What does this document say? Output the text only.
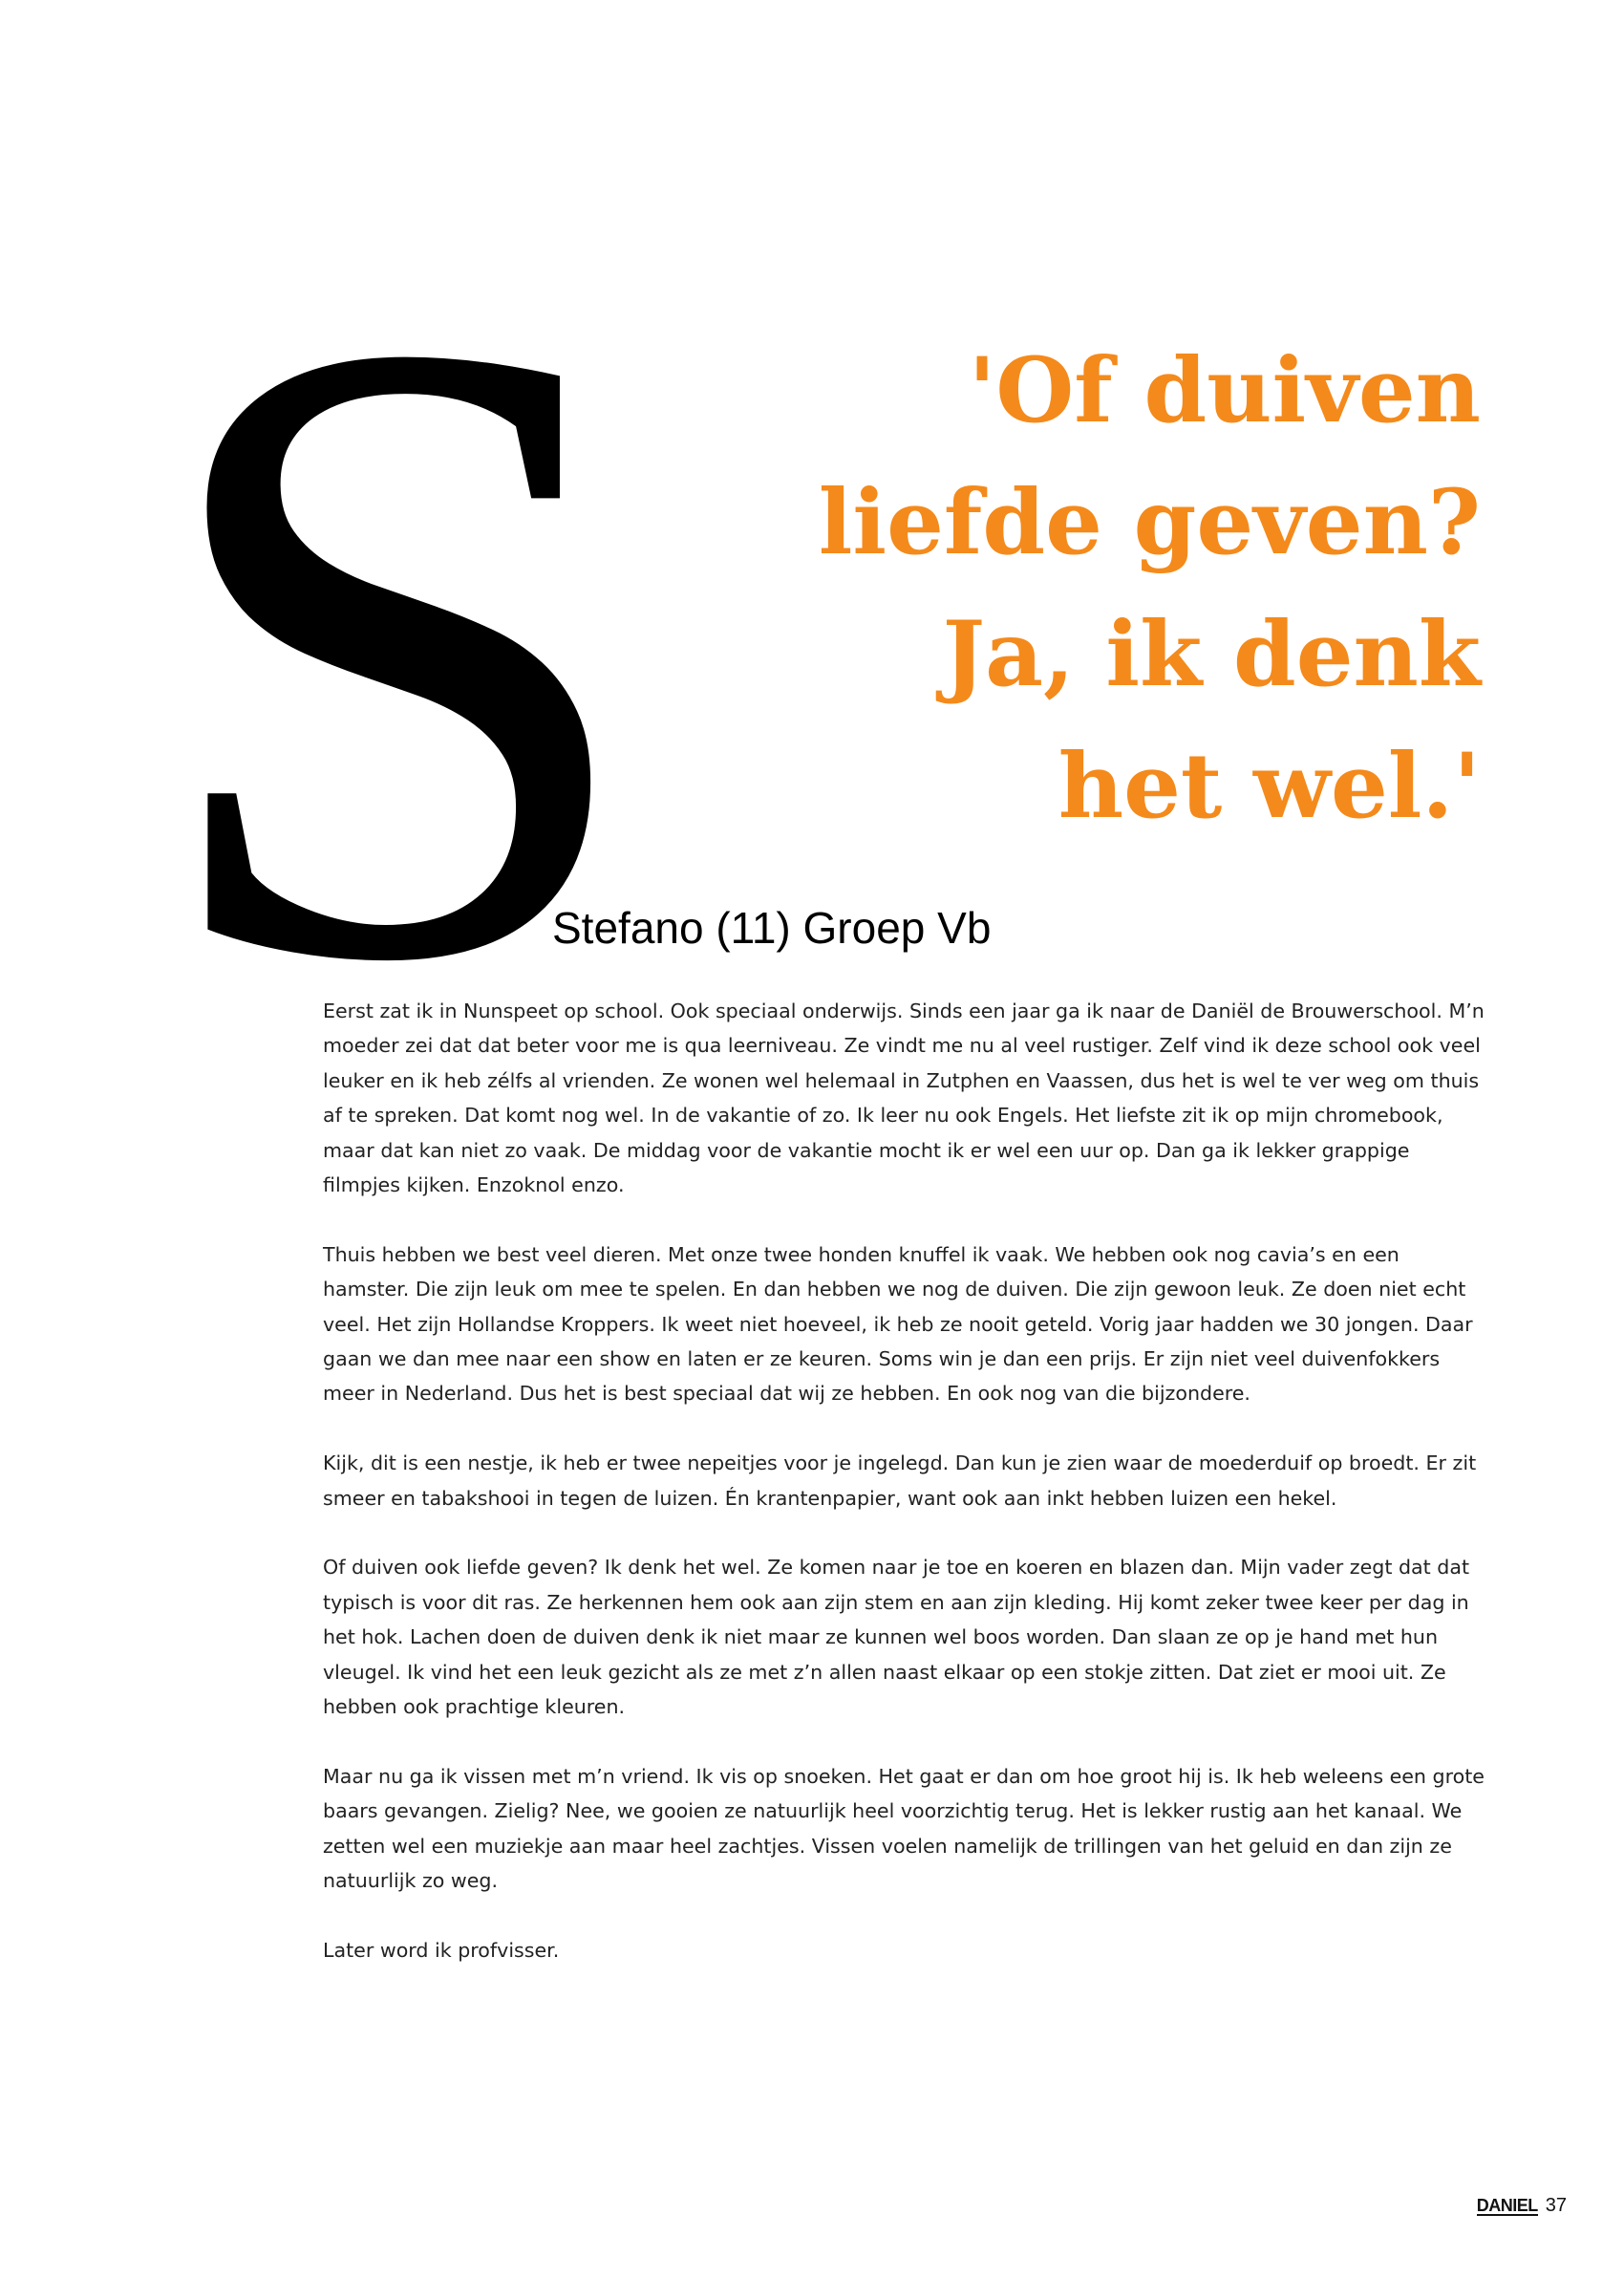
S	'Of duiven
liefde geven?
Ja, ik denk
het wel.'
Stefano (11) Groep Vb

Eerst zat ik in Nunspeet op school. Ook speciaal onderwijs. Sinds een jaar ga ik naar de Daniël de Brouwerschool. M’n moeder zei dat dat beter voor me is qua leerniveau. Ze vindt me nu al veel rustiger. Zelf vind ik deze school ook veel leuker en ik heb zélfs al vrienden. Ze wonen wel helemaal in Zutphen en Vaassen, dus het is wel te ver weg om thuis af te spreken. Dat komt nog wel. In de vakantie of zo. Ik leer nu ook Engels. Het liefste zit ik op mijn chromebook, maar dat kan niet zo vaak. De middag voor de vakantie mocht ik er wel een uur op. Dan ga ik lekker grappige filmpjes kijken. Enzoknol enzo.

Thuis hebben we best veel dieren. Met onze twee honden knuffel ik vaak. We hebben ook nog cavia’s en een hamster. Die zijn leuk om mee te spelen. En dan hebben we nog de duiven. Die zijn gewoon leuk. Ze doen niet echt veel. Het zijn Hollandse Kroppers. Ik weet niet hoeveel, ik heb ze nooit geteld. Vorig jaar hadden we 30 jongen. Daar gaan we dan mee naar een show en laten er ze keuren. Soms win je dan een prijs. Er zijn niet veel duivenfokkers meer in Nederland. Dus het is best speciaal dat wij ze hebben. En ook nog van die bijzondere.

Kijk, dit is een nestje, ik heb er twee nepeitjes voor je ingelegd. Dan kun je zien waar de moederduif op broedt. Er zit smeer en tabakshooi in tegen de luizen. Én krantenpapier, want ook aan inkt hebben luizen een hekel.

Of duiven ook liefde geven? Ik denk het wel. Ze komen naar je toe en koeren en blazen dan. Mijn vader zegt dat dat typisch is voor dit ras. Ze herkennen hem ook aan zijn stem en aan zijn kleding. Hij komt zeker twee keer per dag in het hok. Lachen doen de duiven denk ik niet maar ze kunnen wel boos worden. Dan slaan ze op je hand met hun vleugel. Ik vind het een leuk gezicht als ze met z’n allen naast elkaar op een stokje zitten. Dat ziet er mooi uit. Ze hebben ook prachtige kleuren.

Maar nu ga ik vissen met m’n vriend. Ik vis op snoeken. Het gaat er dan om hoe groot hij is. Ik heb weleens een grote baars gevangen. Zielig? Nee, we gooien ze natuurlijk heel voorzichtig terug. Het is lekker rustig aan het kanaal. We zetten wel een muziekje aan maar heel zachtjes. Vissen voelen namelijk de trillingen van het geluid en dan zijn ze natuurlijk zo weg.

Later word ik profvisser.

DANIEL 37
